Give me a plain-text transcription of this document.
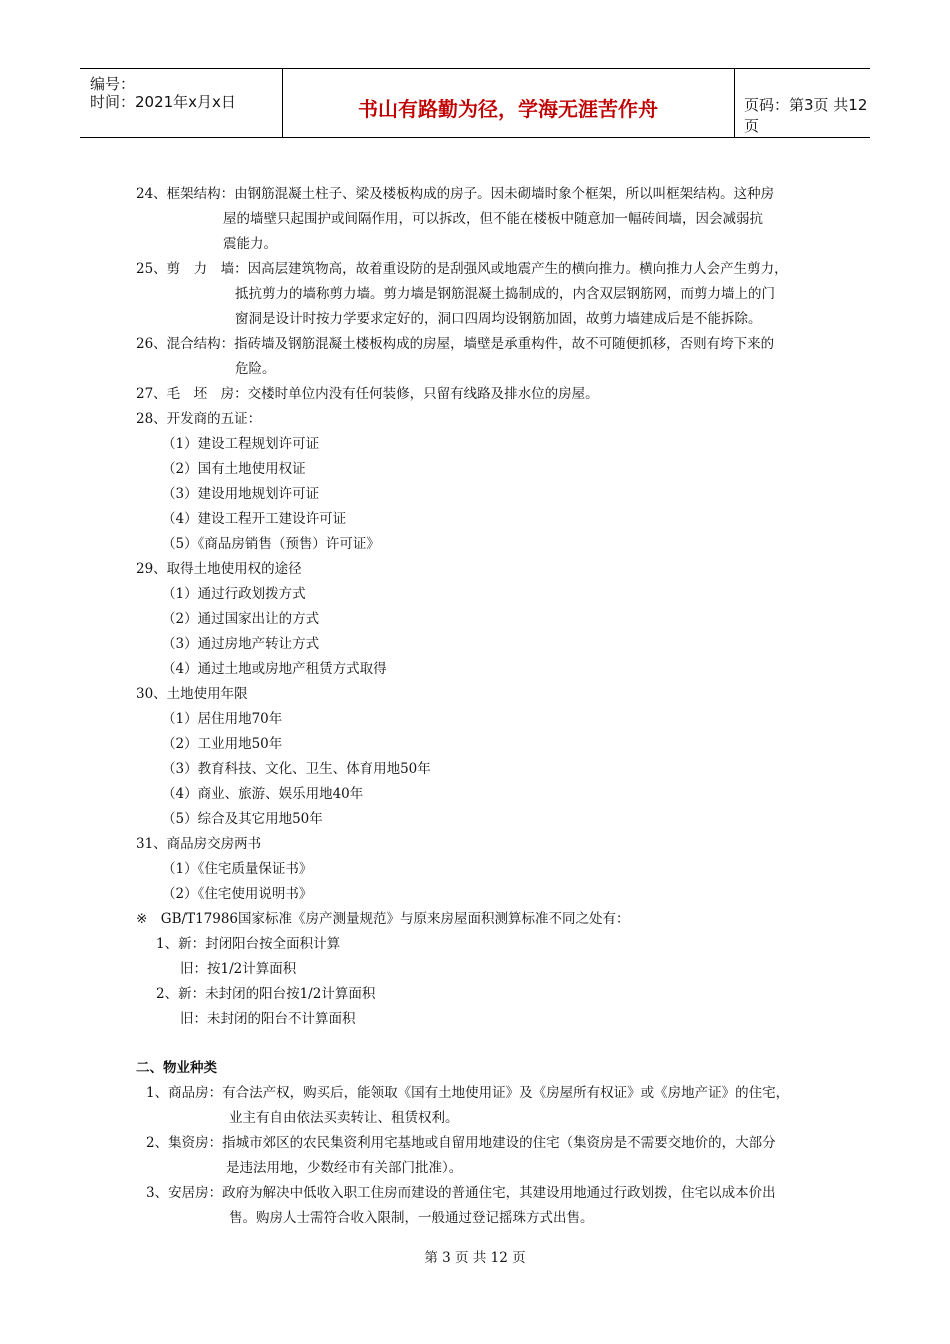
编号：
时间：2021年x月x日	书山有路勤为径，学海无涯苦作舟	页码：第3页 共12页
24、框架结构：由钢筋混凝土柱子、梁及楼板构成的房子。因未砌墙时象个框架，所以叫框架结构。这种房
屋的墙壁只起围护或间隔作用，可以拆改，但不能在楼板中随意加一幅砖间墙，因会减弱抗
震能力。
25、剪　力　墙：因高层建筑物高，故着重设防的是刮强风或地震产生的横向推力。横向推力人会产生剪力，
抵抗剪力的墙称剪力墙。剪力墙是钢筋混凝土捣制成的，内含双层钢筋网，而剪力墙上的门
窗洞是设计时按力学要求定好的，洞口四周均设钢筋加固，故剪力墙建成后是不能拆除。
26、混合结构：指砖墙及钢筋混凝土楼板构成的房屋，墙壁是承重构件，故不可随便抓移，否则有垮下来的
危险。
27、毛　坯　房：交楼时单位内没有任何装修，只留有线路及排水位的房屋。
28、开发商的五证：
（1）建设工程规划许可证
（2）国有土地使用权证
（3）建设用地规划许可证
（4）建设工程开工建设许可证
（5）《商品房销售（预售）许可证》
29、取得土地使用权的途径
（1）通过行政划拨方式
（2）通过国家出让的方式
（3）通过房地产转让方式
（4）通过土地或房地产租赁方式取得
30、土地使用年限
（1）居住用地70年
（2）工业用地50年
（3）教育科技、文化、卫生、体育用地50年
（4）商业、旅游、娱乐用地40年
（5）综合及其它用地50年
31、商品房交房两书
（1）《住宅质量保证书》
（2）《住宅使用说明书》
※　GB/T17986国家标准《房产测量规范》与原来房屋面积测算标准不同之处有：
1、新：封闭阳台按全面积计算
旧：按1/2计算面积
2、新：未封闭的阳台按1/2计算面积
旧：未封闭的阳台不计算面积
二、物业种类
1、商品房：有合法产权，购买后，能领取《国有土地使用证》及《房屋所有权证》或《房地产证》的住宅，
业主有自由依法买卖转让、租赁权利。
2、集资房：指城市郊区的农民集资利用宅基地或自留用地建设的住宅（集资房是不需要交地价的，大部分
是违法用地，少数经市有关部门批准）。
3、安居房：政府为解决中低收入职工住房而建设的普通住宅，其建设用地通过行政划拨，住宅以成本价出
售。购房人士需符合收入限制，一般通过登记摇珠方式出售。
第 3 页 共 12 页
